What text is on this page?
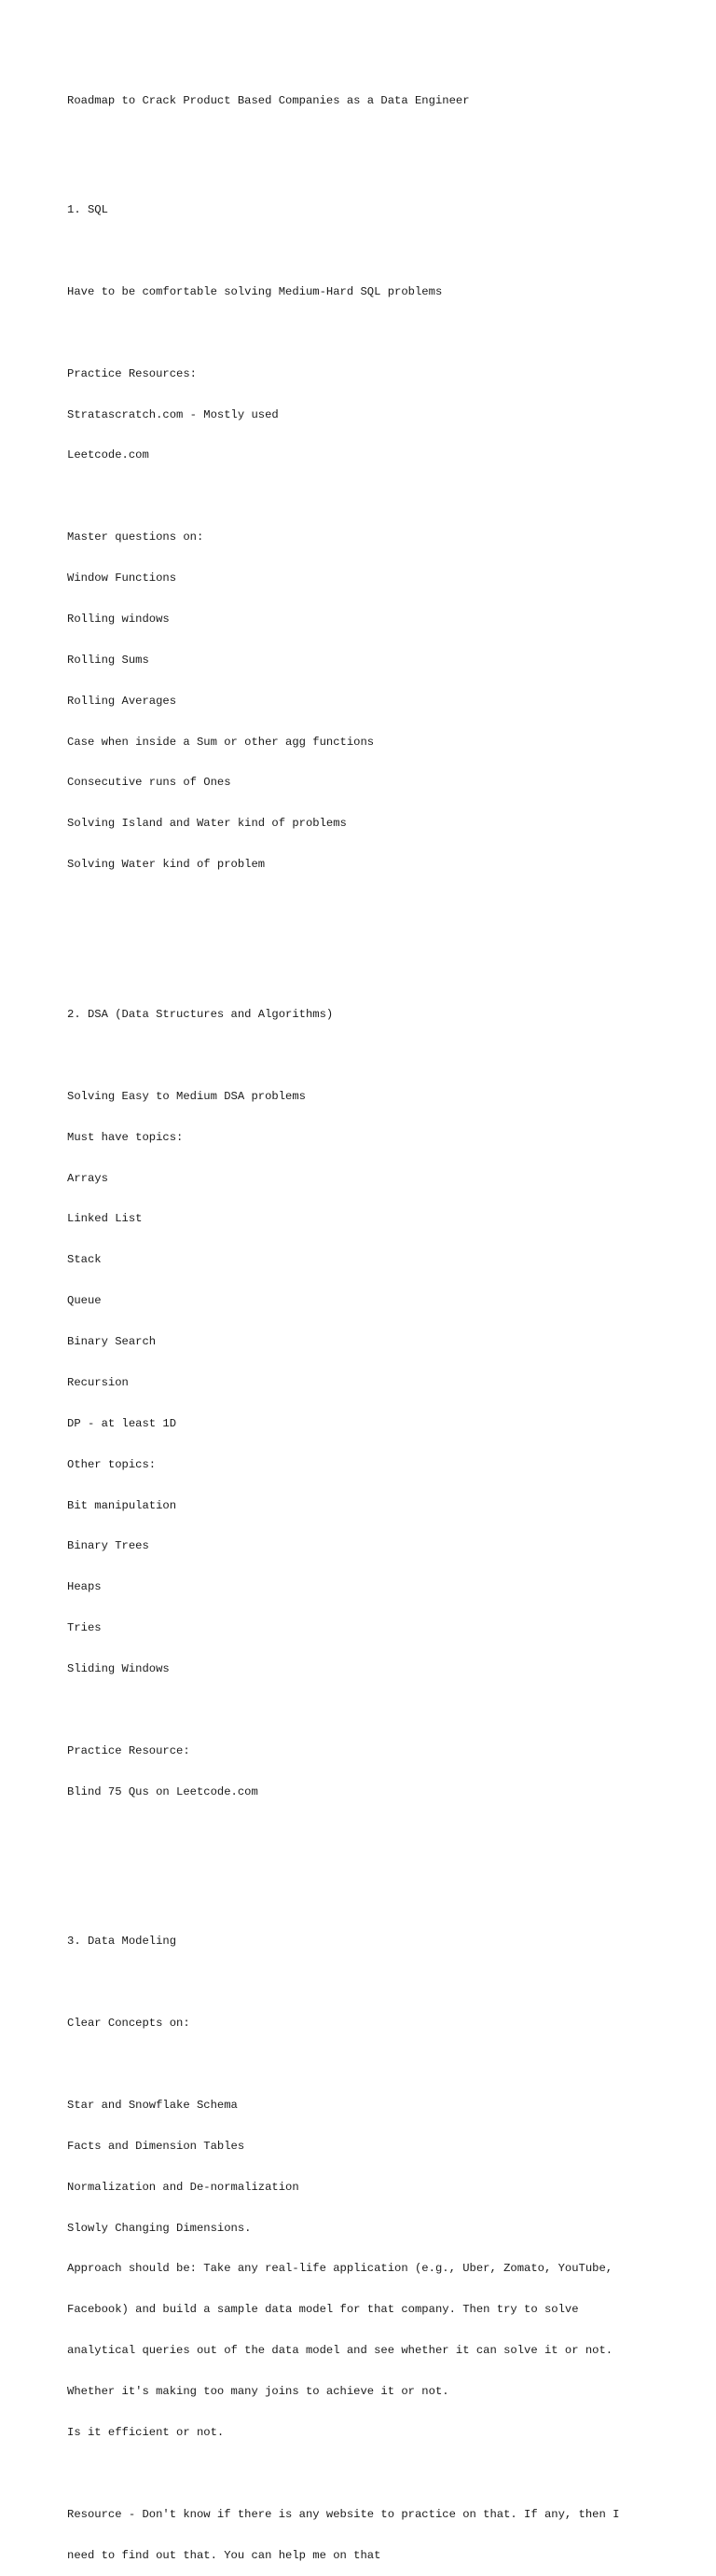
Roadmap to Crack Product Based Companies as a Data Engineer

1. SQL

Have to be comfortable solving Medium-Hard SQL problems

Practice Resources:

Stratascratch.com - Mostly used

Leetcode.com

Master questions on:

Window Functions

Rolling windows

Rolling Sums

Rolling Averages

Case when inside a Sum or other agg functions

Consecutive runs of Ones

Solving Island and Water kind of problems

Solving Water kind of problem

2. DSA (Data Structures and Algorithms)

Solving Easy to Medium DSA problems

Must have topics:

Arrays

Linked List

Stack

Queue

Binary Search

Recursion

DP - at least 1D

Other topics:

Bit manipulation

Binary Trees

Heaps

Tries

Sliding Windows

Practice Resource:

Blind 75 Qus on Leetcode.com

3. Data Modeling

Clear Concepts on:

Star and Snowflake Schema

Facts and Dimension Tables

Normalization and De-normalization

Slowly Changing Dimensions.

Approach should be: Take any real-life application (e.g., Uber, Zomato, YouTube,

Facebook) and build a sample data model for that company. Then try to solve

analytical queries out of the data model and see whether it can solve it or not.

Whether it's making too many joins to achieve it or not.

Is it efficient or not.

Resource - Don't know if there is any website to practice on that. If any, then I

need to find out that. You can help me on that
